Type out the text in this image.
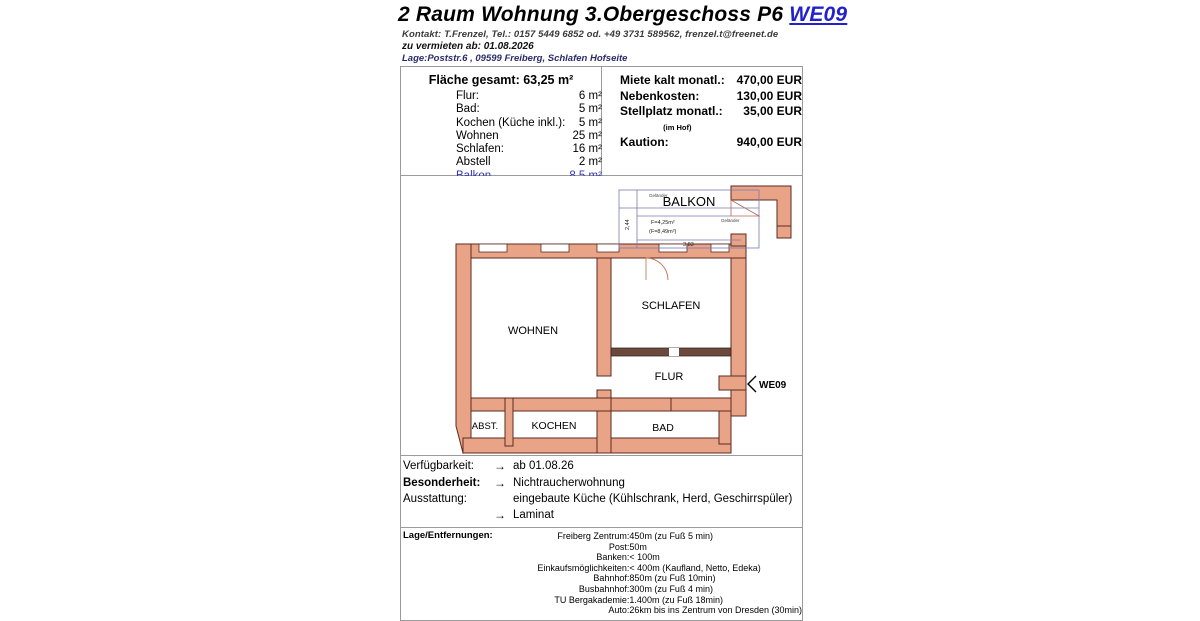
2 Raum Wohnung 3.Obergeschoss P6 WE09
Kontakt: T.Frenzel, Tel.: 0157 5449 6852 od. +49 3731 589562, frenzel.t@freenet.de
zu vermieten ab: 01.08.2026
Lage:Poststr.6 , 09599 Freiberg, Schlafen Hofseite
Fläche gesamt: 63,25 m²
Flur:	6 m²
Bad:	5 m²
Kochen (Küche inkl.):	5 m²
Wohnen	25 m²
Schlafen:	16 m²
Abstell	2 m²

Miete kalt monatl.:	470,00 EUR
Nebenkosten:	130,00 EUR
Stellplatz monatl.:	35,00 EUR
(im Hof)	
Kaution:	940,00 EUR
BALKON
WOHNEN
SCHLAFEN
FLUR
KOCHEN
ABST.	BAD
Geländer
Geländer
F=4,25m²
(F=8,49m²)
3,83
2,44
WE09
Verfügbarkeit:	→	ab 01.08.26
Besonderheit:	→	Nichtraucherwohnung
Ausstattung:		eingebaute Küche (Kühlschrank, Herd, Geschirrspüler)
	→	Laminat
Lage/Entfernungen:	Freiberg Zentrum:	450m (zu Fuß 5 min)
	Post:	50m
	Banken:	< 100m
	Einkaufsmöglichkeiten:	< 400m (Kaufland, Netto, Edeka)
	Bahnhof:	850m (zu Fuß 10min)
	Busbahnhof:	300m (zu Fuß 4 min)
	TU Bergakademie:	1.400m (zu Fuß 18min)
	Auto:	26km bis ins Zentrum von Dresden (30min)
